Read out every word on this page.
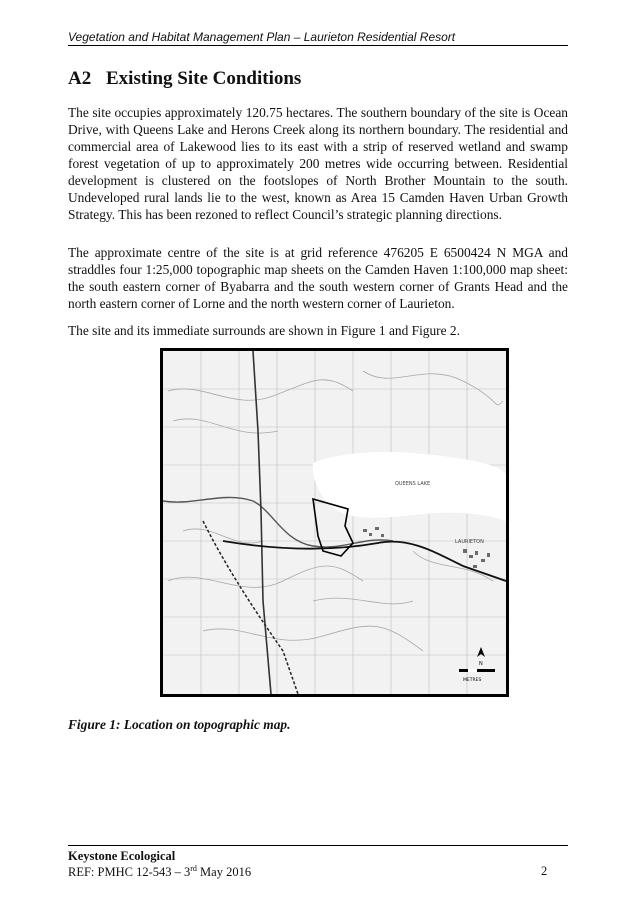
Vegetation and Habitat Management Plan – Laurieton Residential Resort
A2 Existing Site Conditions

The site occupies approximately 120.75 hectares. The southern boundary of the site is Ocean Drive, with Queens Lake and Herons Creek along its northern boundary. The residential and commercial area of Lakewood lies to its east with a strip of reserved wetland and swamp forest vegetation of up to approximately 200 metres wide occurring between. Residential development is clustered on the footslopes of North Brother Mountain to the south. Undeveloped rural lands lie to the west, known as Area 15 Camden Haven Urban Growth Strategy. This has been rezoned to reflect Council’s strategic planning directions.

The approximate centre of the site is at grid reference 476205 E 6500424 N MGA and straddles four 1:25,000 topographic map sheets on the Camden Haven 1:100,000 map sheet: the south eastern corner of Byabarra and the south western corner of Grants Head and the north eastern corner of Lorne and the north western corner of Laurieton.

The site and its immediate surrounds are shown in Figure 1 and Figure 2.

QUEENS LAKE
LAURIETON
METRES
N
Figure 1: Location on topographic map.
Keystone Ecological
REF: PMHC 12-543 – 3rd May 2016	2
